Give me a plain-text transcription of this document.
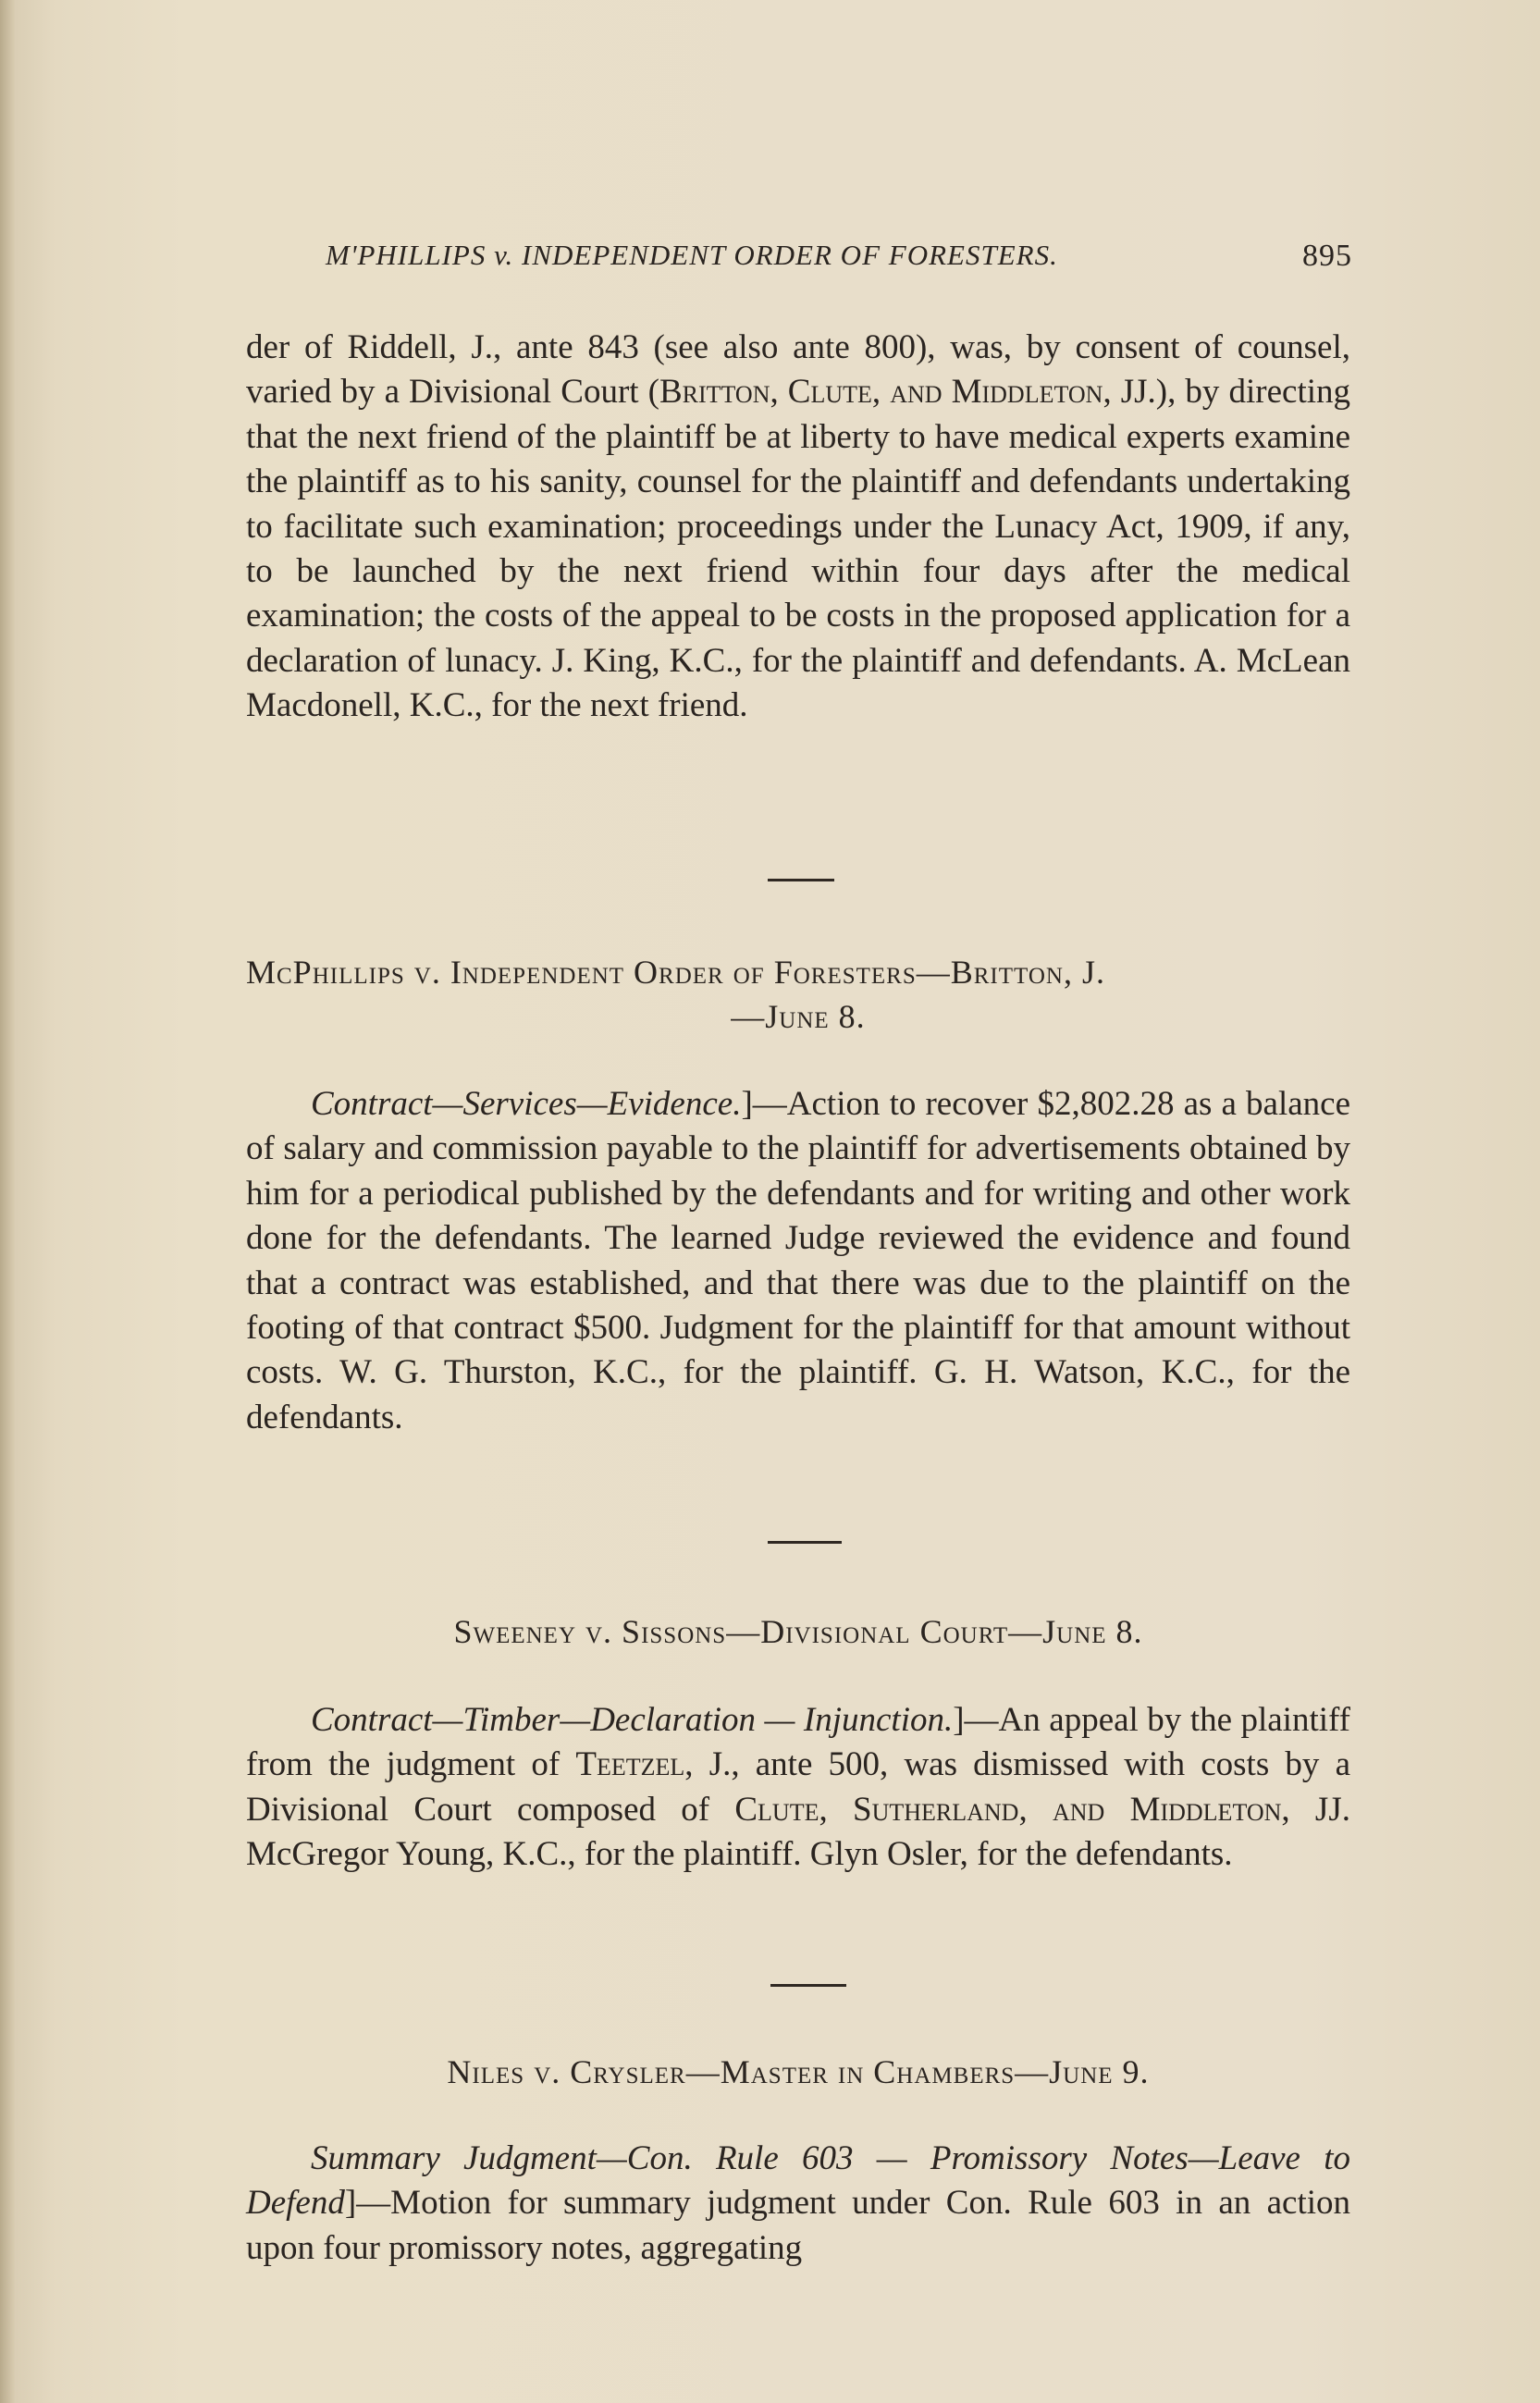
M'PHILLIPS v. INDEPENDENT ORDER OF FORESTERS.	895

der of Riddell, J., ante 843 (see also ante 800), was, by consent of counsel, varied by a Divisional Court (Britton, Clute, and Middleton, JJ.), by directing that the next friend of the plaintiff be at liberty to have medical experts examine the plaintiff as to his sanity, counsel for the plaintiff and defendants undertaking to facilitate such examination; proceedings under the Lunacy Act, 1909, if any, to be launched by the next friend within four days after the medical examination; the costs of the appeal to be costs in the proposed application for a declaration of lunacy. J. King, K.C., for the plaintiff and defendants. A. McLean Macdonell, K.C., for the next friend.

McPhillips v. Independent Order of Foresters—Britton, J.
—June 8.

Contract—Services—Evidence.]—Action to recover $2,802.28 as a balance of salary and commission payable to the plaintiff for advertisements obtained by him for a periodical published by the defendants and for writing and other work done for the defendants. The learned Judge reviewed the evidence and found that a contract was established, and that there was due to the plaintiff on the footing of that contract $500. Judgment for the plaintiff for that amount without costs. W. G. Thurston, K.C., for the plaintiff. G. H. Watson, K.C., for the defendants.

Sweeney v. Sissons—Divisional Court—June 8.

Contract—Timber—Declaration — Injunction.]—An appeal by the plaintiff from the judgment of Teetzel, J., ante 500, was dismissed with costs by a Divisional Court composed of Clute, Sutherland, and Middleton, JJ. McGregor Young, K.C., for the plaintiff. Glyn Osler, for the defendants.

Niles v. Crysler—Master in Chambers—June 9.

Summary Judgment—Con. Rule 603 — Promissory Notes—Leave to Defend]—Motion for summary judgment under Con. Rule 603 in an action upon four promissory notes, aggregating
